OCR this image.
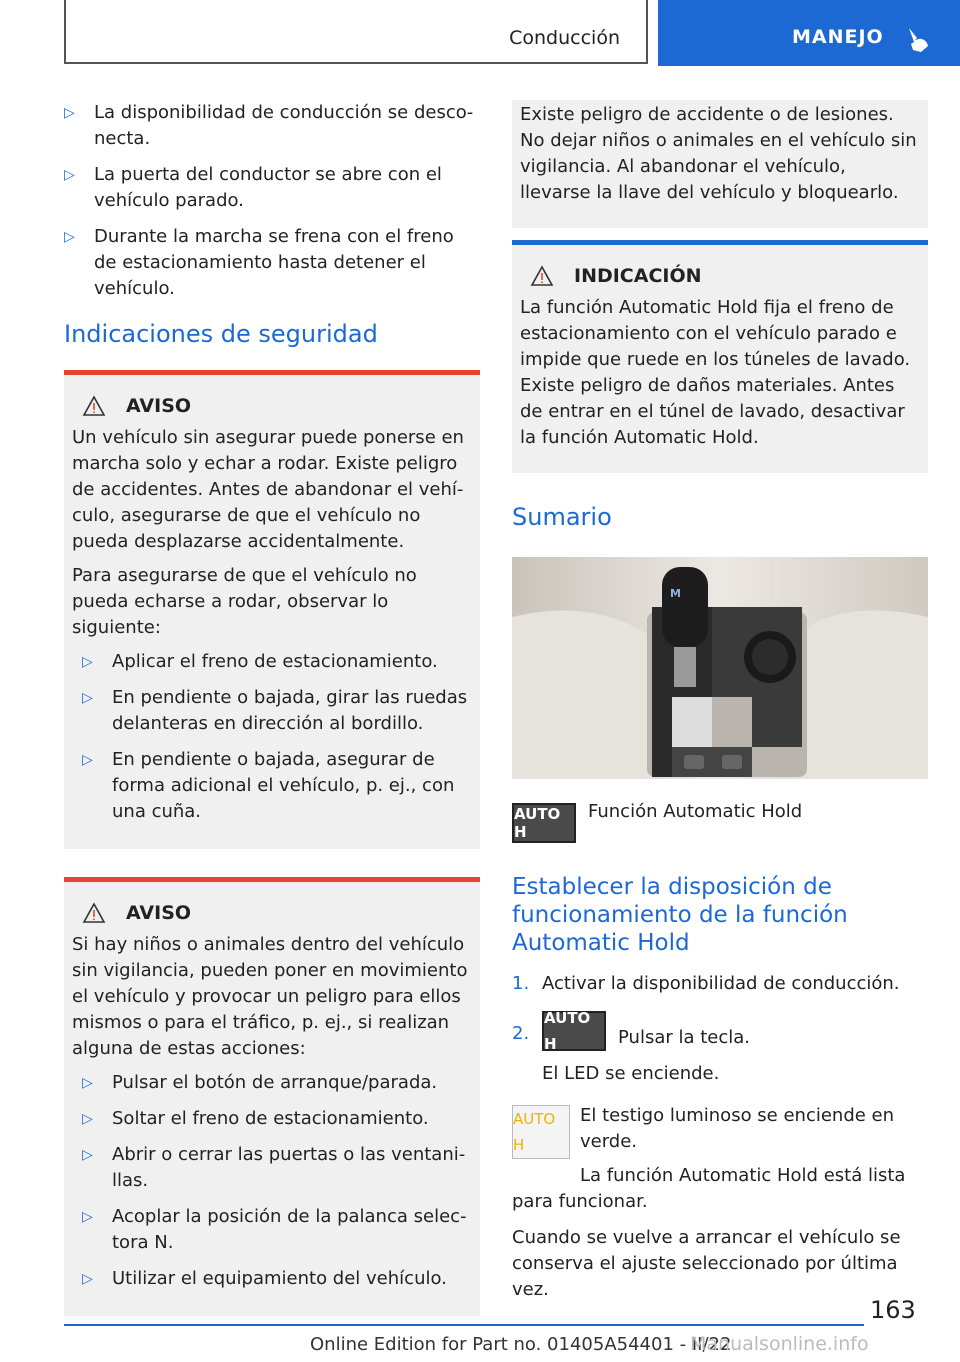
Conducción	MANEJO
▷ La disponibilidad de conducción se desconecta.
▷ La puerta del conductor se abre con el vehículo parado.
▷ Durante la marcha se frena con el freno de estacionamiento hasta detener el vehículo.
Indicaciones de seguridad
AVISO

Un vehículo sin asegurar puede ponerse en marcha solo y echar a rodar. Existe peligro de accidentes. Antes de abandonar el vehículo, asegurarse de que el vehículo no pueda desplazarse accidentalmente.

Para asegurarse de que el vehículo no pueda echarse a rodar, observar lo siguiente:

▷ Aplicar el freno de estacionamiento.
▷ En pendiente o bajada, girar las ruedas delanteras en dirección al bordillo.
▷ En pendiente o bajada, asegurar de forma adicional el vehículo, p. ej., con una cuña.
AVISO

Si hay niños o animales dentro del vehículo sin vigilancia, pueden poner en movimiento el vehículo y provocar un peligro para ellos mismos o para el tráfico, p. ej., si realizan alguna de estas acciones:

▷ Pulsar el botón de arranque/parada.
▷ Soltar el freno de estacionamiento.
▷ Abrir o cerrar las puertas o las ventanillas.
▷ Acoplar la posición de la palanca selectora N.
▷ Utilizar el equipamiento del vehículo.

Existe peligro de accidente o de lesiones. No dejar niños o animales en el vehículo sin vigilancia. Al abandonar el vehículo, llevarse la llave del vehículo y bloquearlo.

INDICACIÓN

La función Automatic Hold fija el freno de estacionamiento con el vehículo parado e impide que ruede en los túneles de lavado. Existe peligro de daños materiales. Antes de entrar en el túnel de lavado, desactivar la función Automatic Hold.

Sumario
M
AUTO H
Función Automatic Hold
Establecer la disposición de funcionamiento de la función Automatic Hold
1. Activar la disponibilidad de conducción.
2.
AUTO H	Pulsar la tecla.
El LED se enciende.
AUTO H
El testigo luminoso se enciende en verde.
La función Automatic Hold está lista para funcionar.
Cuando se vuelve a arrancar el vehículo se conserva el ajuste seleccionado por última vez.
163
Online Edition for Part no. 01405A54401 - II/22
Manualsonline.info
